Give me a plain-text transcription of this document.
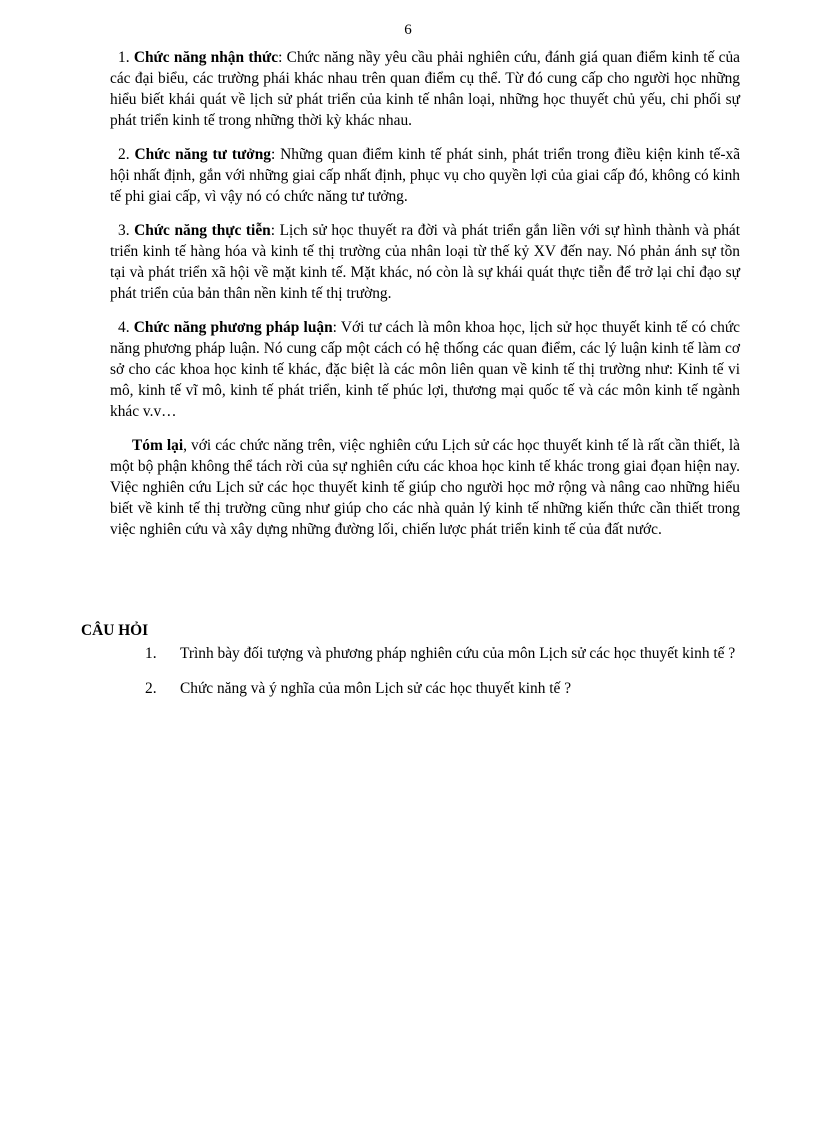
6

1. Chức năng nhận thức: Chức năng nầy yêu cầu phải nghiên cứu, đánh giá quan điểm kinh tế của các đại biểu, các trường phái khác nhau trên quan điểm cụ thể. Từ đó cung cấp cho người học những hiểu biết khái quát về lịch sử phát triển của kinh tế nhân loại, những học thuyết chủ yếu, chi phối sự phát triển kinh tế trong những thời kỳ khác nhau.

2. Chức năng tư tưởng: Những quan điểm kinh tế phát sinh, phát triển trong điều kiện kinh tế-xã hội nhất định, gắn với những giai cấp nhất định, phục vụ cho quyền lợi của giai cấp đó, không có kinh tế phi giai cấp, vì vậy nó có chức năng tư tưởng.

3. Chức năng thực tiễn: Lịch sử học thuyết ra đời và phát triển gắn liền với sự hình thành và phát triển kinh tế hàng hóa và kinh tế thị trường của nhân loại từ thế kỷ XV đến nay. Nó phản ánh sự tồn tại và phát triển xã hội về mặt kinh tế. Mặt khác, nó còn là sự khái quát thực tiễn để trở lại chỉ đạo sự phát triển của bản thân nền kinh tế thị trường.

4. Chức năng phương pháp luận: Với tư cách là môn khoa học, lịch sử học thuyết kinh tế có chức năng phương pháp luận. Nó cung cấp một cách có hệ thống các quan điểm, các lý luận kinh tế làm cơ sở cho các khoa học kinh tế khác, đặc biệt là các môn liên quan về kinh tế thị trường như: Kinh tế vi mô, kinh tế vĩ mô, kinh tế phát triển, kinh tế phúc lợi, thương mại quốc tế và các môn kinh tế ngành khác v.v…

Tóm lại, với các chức năng trên, việc nghiên cứu Lịch sử các học thuyết kinh tế là rất cần thiết, là một bộ phận không thể tách rời của sự nghiên cứu các khoa học kinh tế khác trong giai đọan hiện nay. Việc nghiên cứu Lịch sử các học thuyết kinh tế giúp cho người học mở rộng và nâng cao những hiểu biết về kinh tế thị trường cũng như giúp cho các nhà quản lý kinh tế những kiến thức cần thiết trong việc nghiên cứu và xây dựng những đường lối, chiến lược phát triển kinh tế của đất nước.

CÂU HỎI

1. Trình bày đối tượng và phương pháp nghiên cứu của môn Lịch sử các học thuyết kinh tế ?
2. Chức năng và ý nghĩa của môn Lịch sử các học thuyết kinh tế ?
